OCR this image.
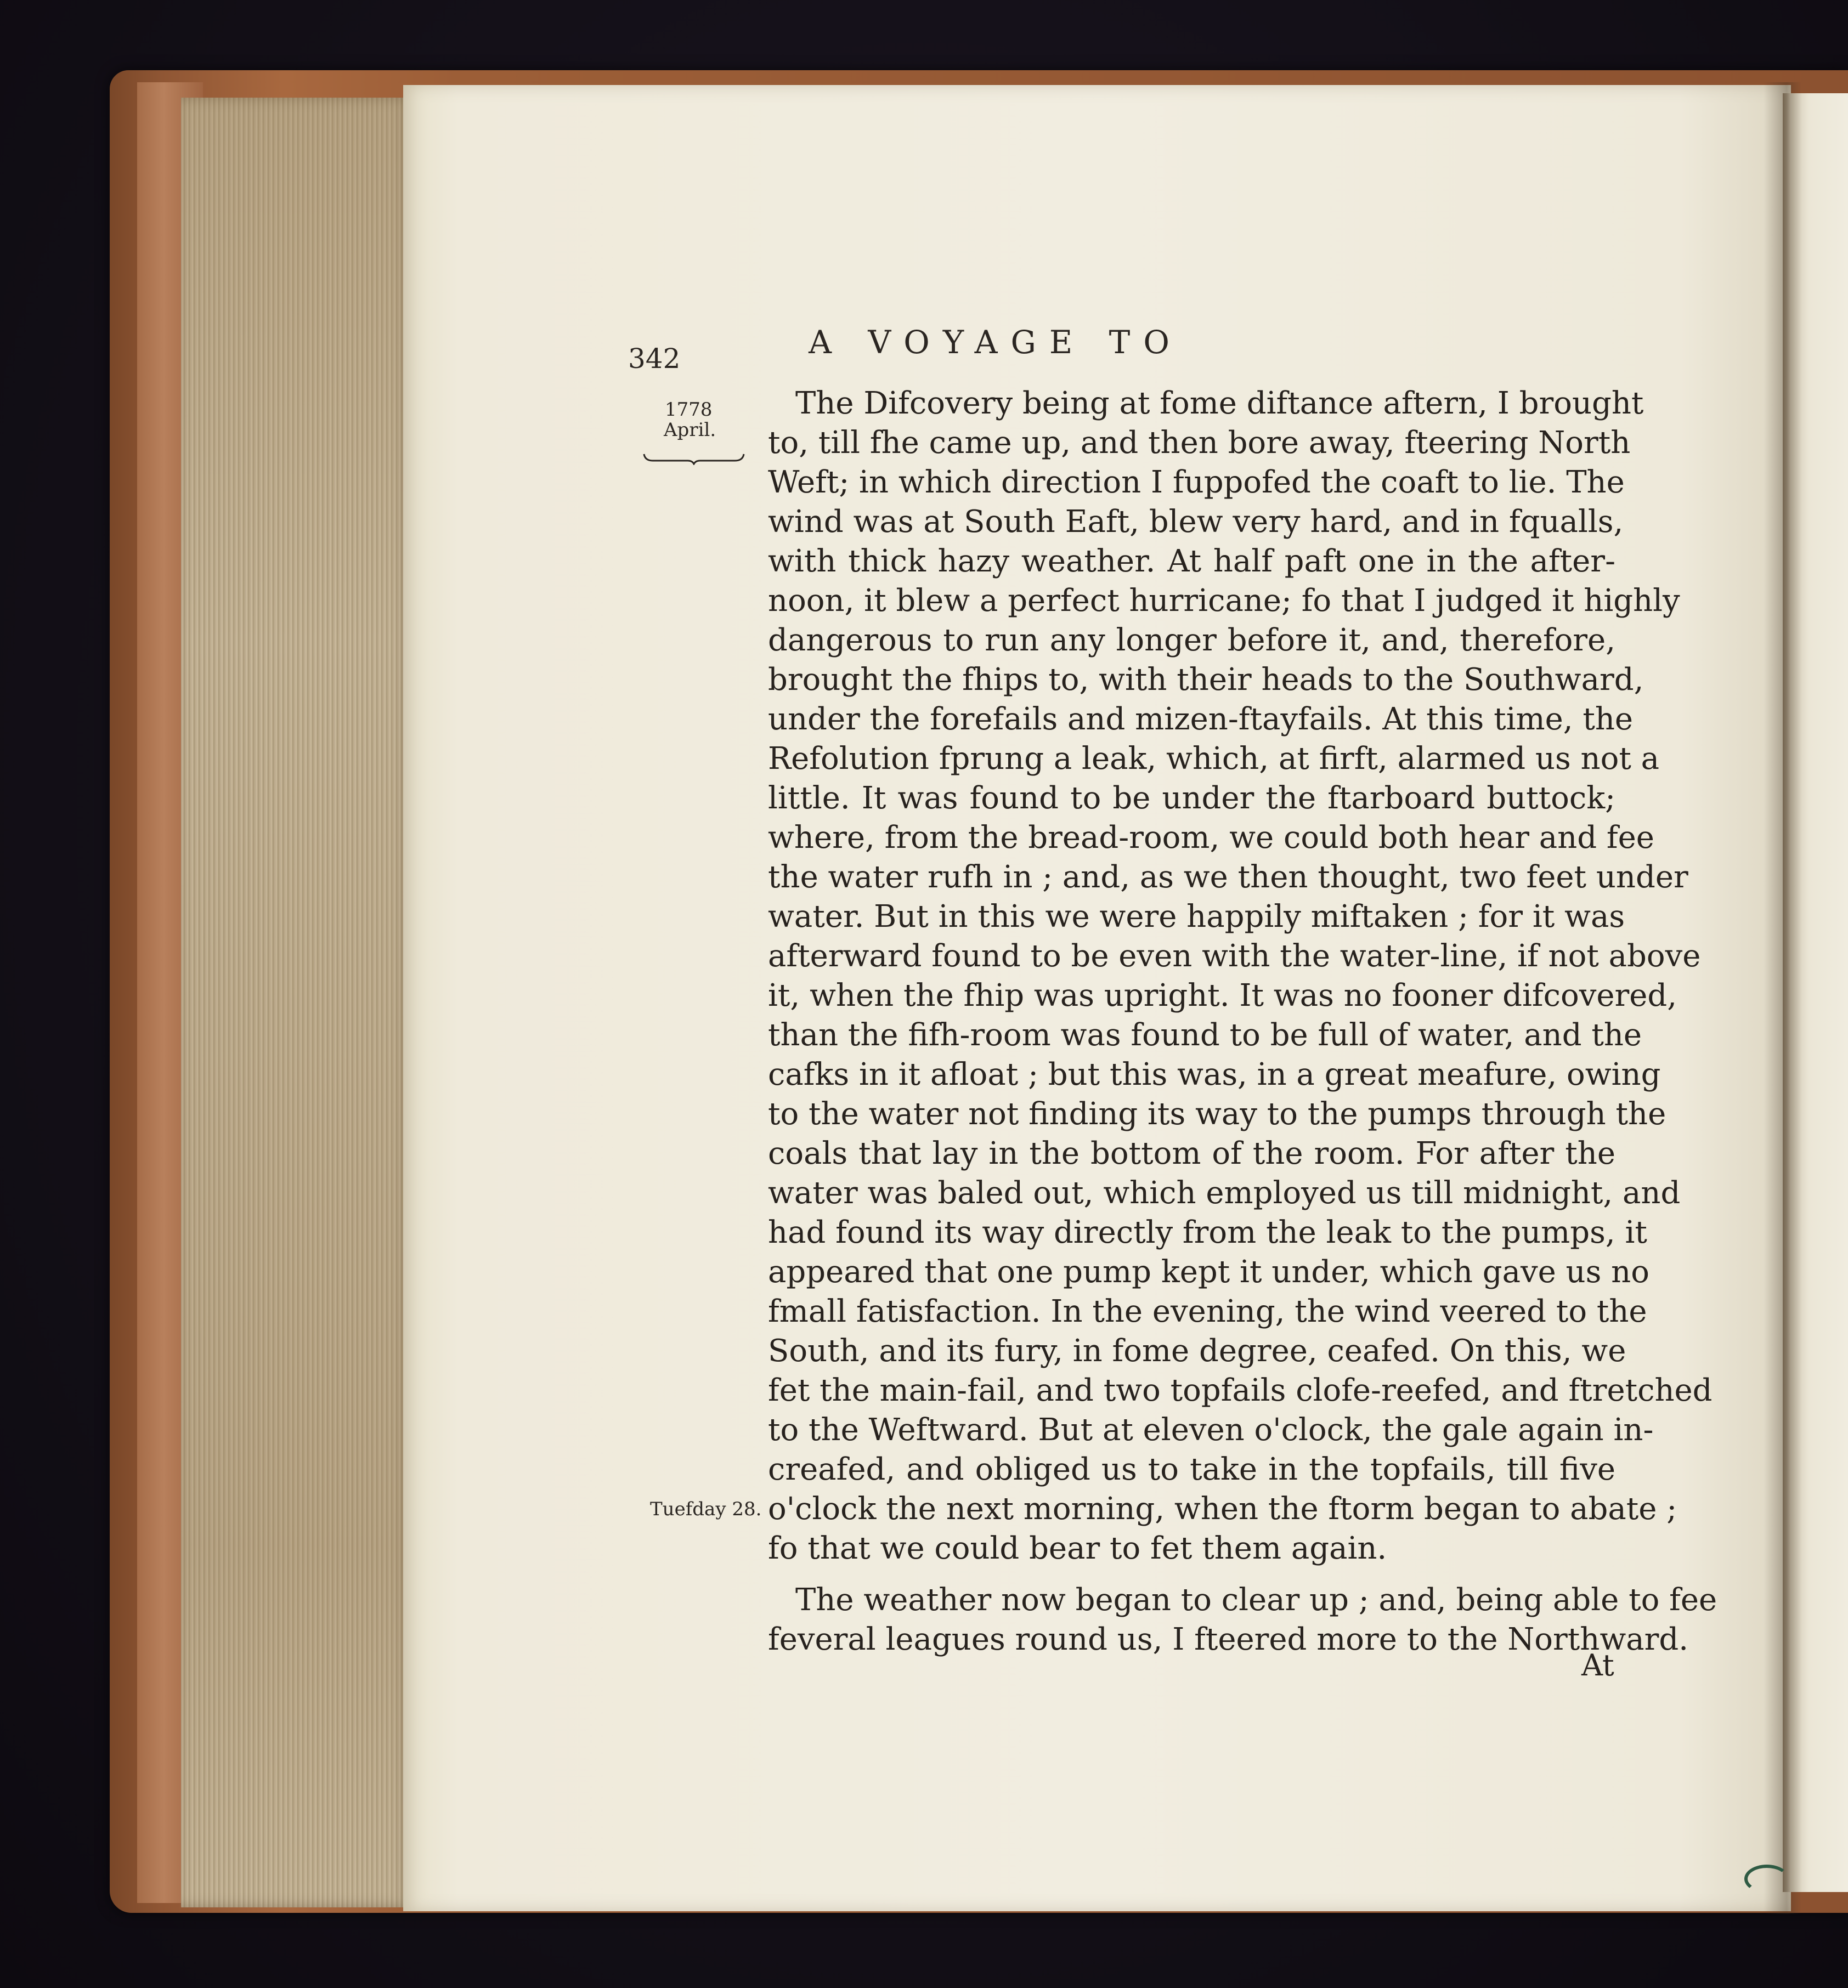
342	A VOYAGE TO
1778
April.
Tuefday 28.
The Difcovery being at fome diftance aftern, I brought
to, till fhe came up, and then bore away, fteering North
Weft; in which direction I fuppofed the coaft to lie. The
wind was at South Eaft, blew very hard, and in fqualls,
with thick hazy weather. At half paft one in the after-
noon, it blew a perfect hurricane; fo that I judged it highly
dangerous to run any longer before it, and, therefore,
brought the fhips to, with their heads to the Southward,
under the forefails and mizen-ftayfails. At this time, the
Refolution fprung a leak, which, at firft, alarmed us not a
little. It was found to be under the ftarboard buttock;
where, from the bread-room, we could both hear and fee
the water rufh in ; and, as we then thought, two feet under
water. But in this we were happily miftaken ; for it was
afterward found to be even with the water-line, if not above
it, when the fhip was upright. It was no fooner difcovered,
than the fifh-room was found to be full of water, and the
cafks in it afloat ; but this was, in a great meafure, owing
to the water not finding its way to the pumps through the
coals that lay in the bottom of the room. For after the
water was baled out, which employed us till midnight, and
had found its way directly from the leak to the pumps, it
appeared that one pump kept it under, which gave us no
fmall fatisfaction. In the evening, the wind veered to the
South, and its fury, in fome degree, ceafed. On this, we
fet the main-fail, and two topfails clofe-reefed, and ftretched
to the Weftward. But at eleven o'clock, the gale again in-
creafed, and obliged us to take in the topfails, till five
o'clock the next morning, when the ftorm began to abate ;
fo that we could bear to fet them again.
The weather now began to clear up ; and, being able to fee
feveral leagues round us, I fteered more to the Northward.
At
